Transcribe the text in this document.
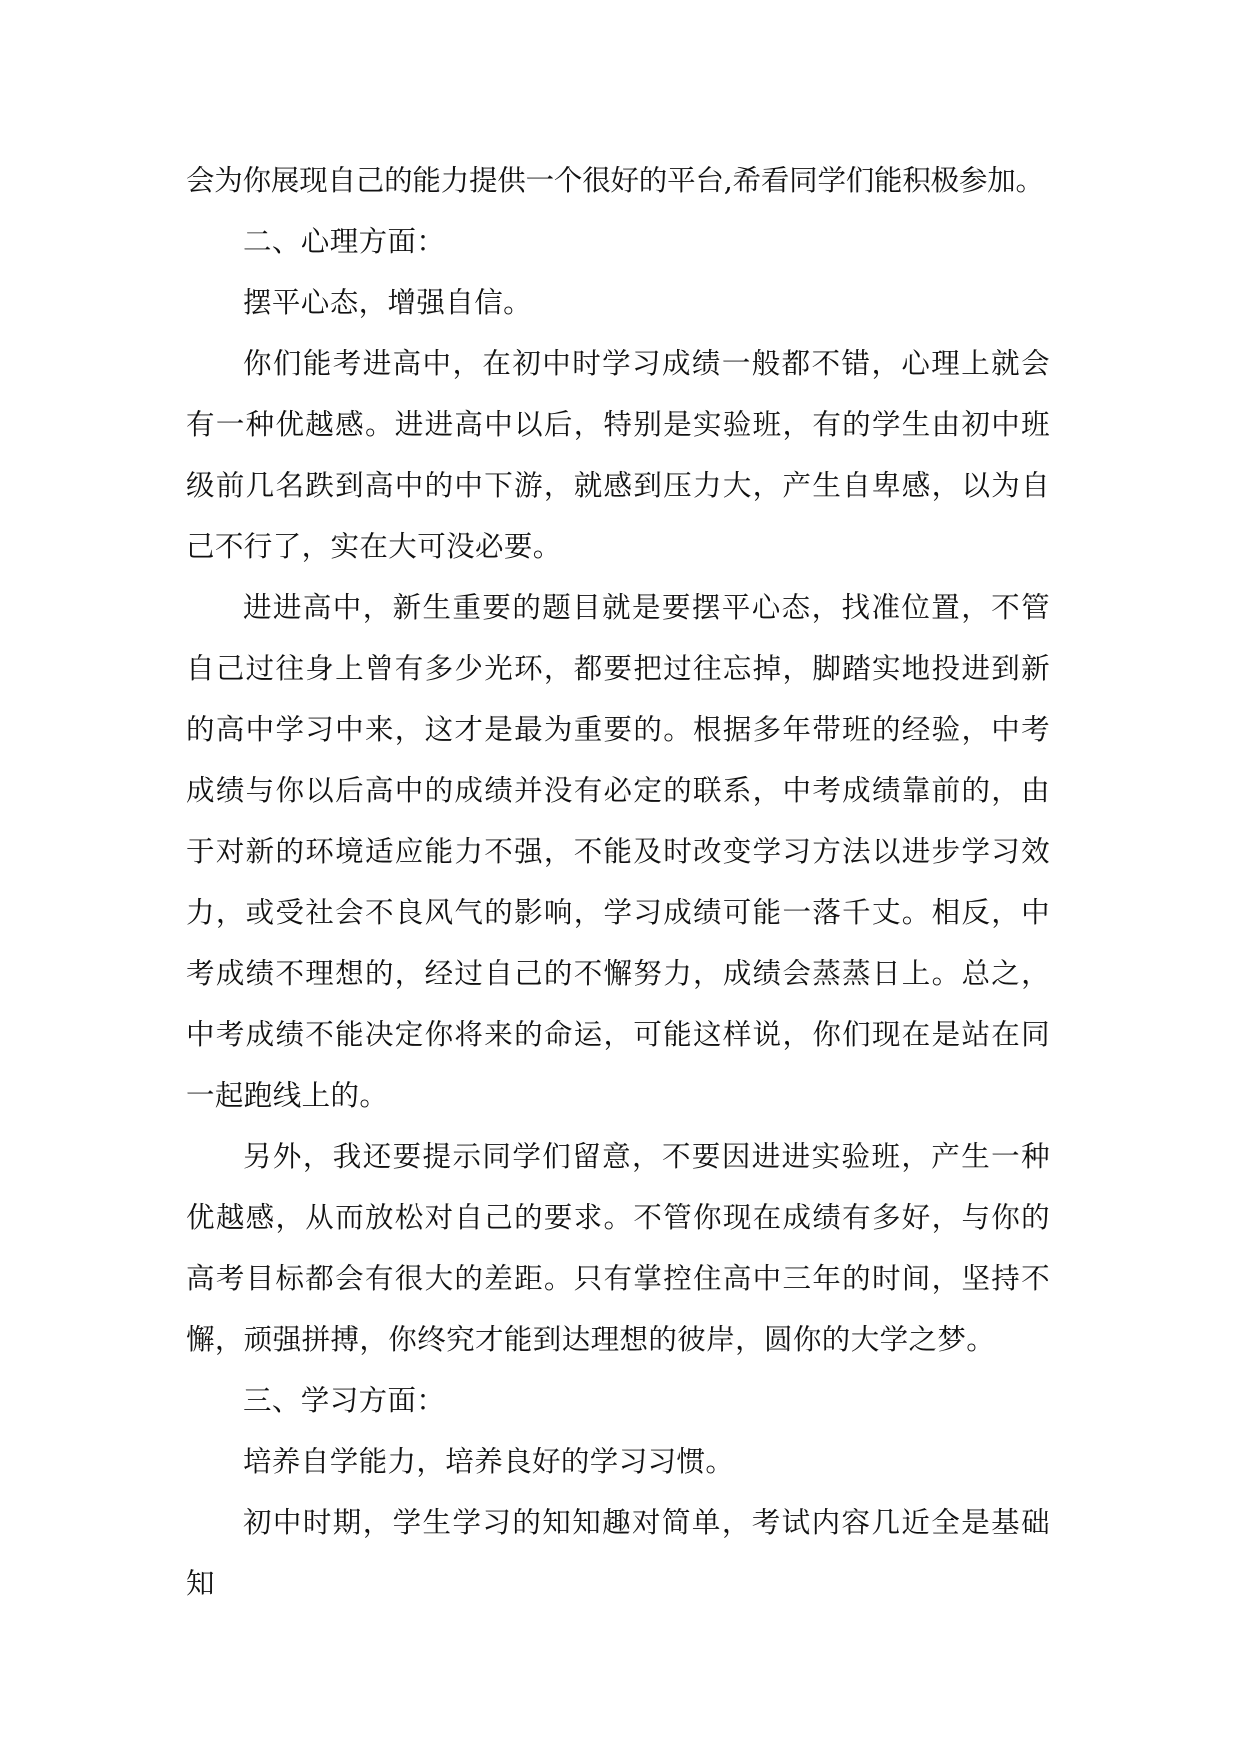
会为你展现自己的能力提供一个很好的平台,希看同学们能积极参加。

二、心理方面：

摆平心态，增强自信。

你们能考进高中，在初中时学习成绩一般都不错，心理上就会有一种优越感。进进高中以后，特别是实验班，有的学生由初中班级前几名跌到高中的中下游，就感到压力大，产生自卑感，以为自己不行了，实在大可没必要。

进进高中，新生重要的题目就是要摆平心态，找准位置，不管自己过往身上曾有多少光环，都要把过往忘掉，脚踏实地投进到新的高中学习中来，这才是最为重要的。根据多年带班的经验，中考成绩与你以后高中的成绩并没有必定的联系，中考成绩靠前的，由于对新的环境适应能力不强，不能及时改变学习方法以进步学习效力，或受社会不良风气的影响，学习成绩可能一落千丈。相反，中考成绩不理想的，经过自己的不懈努力，成绩会蒸蒸日上。总之，中考成绩不能决定你将来的命运，可能这样说，你们现在是站在同一起跑线上的。

另外，我还要提示同学们留意，不要因进进实验班，产生一种优越感，从而放松对自己的要求。不管你现在成绩有多好，与你的高考目标都会有很大的差距。只有掌控住高中三年的时间，坚持不懈，顽强拼搏，你终究才能到达理想的彼岸，圆你的大学之梦。

三、学习方面：

培养自学能力，培养良好的学习习惯。

初中时期，学生学习的知知趣对简单，考试内容几近全是基础知
